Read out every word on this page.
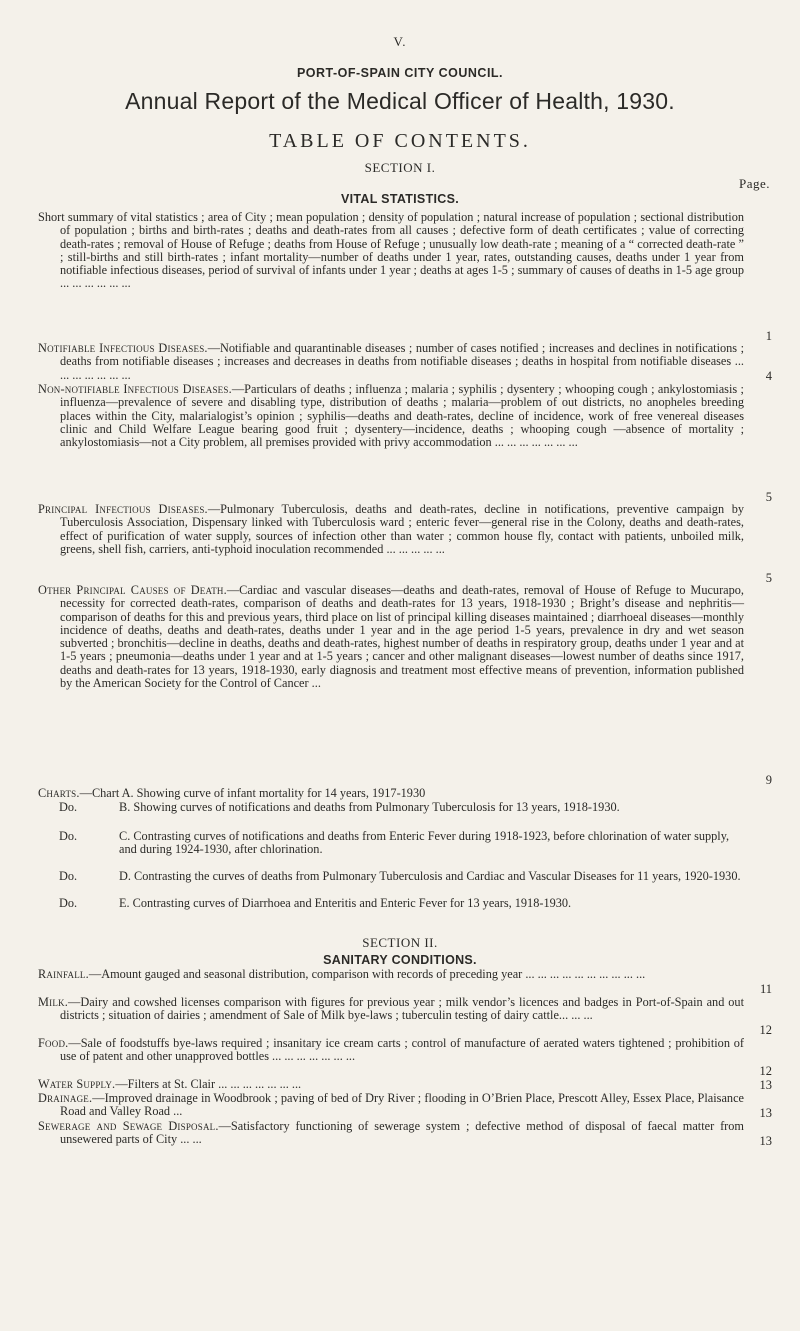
V.
PORT-OF-SPAIN CITY COUNCIL.
Annual Report of the Medical Officer of Health, 1930.
TABLE OF CONTENTS.
SECTION I.
Page.
VITAL STATISTICS.
Short summary of vital statistics ; area of City ; mean population ; density of population ; natural increase of population ; sectional distribution of population ; births and birth-rates ; deaths and death-rates from all causes ; defective form of death certificates ; value of correcting death-rates ; removal of House of Refuge ; deaths from House of Refuge ; unusually low death-rate ; meaning of a “ corrected death-rate ” ; still-births and still birth-rates ; infant mortality—number of deaths under 1 year, rates, outstanding causes, deaths under 1 year from notifiable infectious diseases, period of survival of infants under 1 year ; deaths at ages 1-5 ; summary of causes of deaths in 1-5 age group ... ... ... ... ... ...
1
Notifiable Infectious Diseases.—Notifiable and quarantinable diseases ; number of cases notified ; increases and declines in notifications ; deaths from notifiable diseases ; increases and decreases in deaths from notifiable diseases ; deaths in hospital from notifiable diseases ... ... ... ... ... ... ...	4
Non-notifiable Infectious Diseases.—Particulars of deaths ; influenza ; malaria ; syphilis ; dysentery ; whooping cough ; ankylostomiasis ; influenza—prevalence of severe and disabling type, distribution of deaths ; malaria—problem of out districts, no anopheles breeding places within the City, malarialogist’s opinion ; syphilis—deaths and death-rates, decline of incidence, work of free venereal diseases clinic and Child Welfare League bearing good fruit ; dysentery—incidence, deaths ; whooping cough —absence of mortality ; ankylostomiasis—not a City problem, all premises provided with privy accommodation ... ... ... ... ... ... ...
5
Principal Infectious Diseases.—Pulmonary Tuberculosis, deaths and death-rates, decline in notifications, preventive campaign by Tuberculosis Association, Dispensary linked with Tuberculosis ward ; enteric fever—general rise in the Colony, deaths and death-rates, effect of purification of water supply, sources of infection other than water ; common house fly, contact with patients, unboiled milk, greens, shell fish, carriers, anti-typhoid inoculation recommended ... ... ... ... ...
5
Other Principal Causes of Death.—Cardiac and vascular diseases—deaths and death-rates, removal of House of Refuge to Mucurapo, necessity for corrected death-rates, comparison of deaths and death-rates for 13 years, 1918-1930 ; Bright’s disease and nephritis—comparison of deaths for this and previous years, third place on list of principal killing diseases maintained ; diarrhoeal diseases—monthly incidence of deaths, deaths and death-rates, deaths under 1 year and in the age period 1-5 years, prevalence in dry and wet season subverted ; bronchitis—decline in deaths, deaths and death-rates, highest number of deaths in respiratory group, deaths under 1 year and at 1-5 years ; pneumonia—deaths under 1 year and at 1-5 years ; cancer and other malignant diseases—lowest number of deaths since 1917, deaths and death-rates for 13 years, 1918-1930, early diagnosis and treatment most effective means of prevention, information published by the American Society for the Control of Cancer ...
9
Charts.—Chart A. Showing curve of infant mortality for 14 years, 1917-1930
Do.	B. Showing curves of notifications and deaths from Pulmonary Tuberculosis for 13 years, 1918-1930.
Do.	C. Contrasting curves of notifications and deaths from Enteric Fever during 1918-1923, before chlorination of water supply, and during 1924-1930, after chlorination.
Do.	D. Contrasting the curves of deaths from Pulmonary Tuberculosis and Cardiac and Vascular Diseases for 11 years, 1920-1930.
Do.	E. Contrasting curves of Diarrhoea and Enteritis and Enteric Fever for 13 years, 1918-1930.
SECTION II.
SANITARY CONDITIONS.
Rainfall.—Amount gauged and seasonal distribution, comparison with records of preceding year ... ... ... ... ... ... ... ... ... ...
11
Milk.—Dairy and cowshed licenses comparison with figures for previous year ; milk vendor’s licences and badges in Port-of-Spain and out districts ; situation of dairies ; amendment of Sale of Milk bye-laws ; tuberculin testing of dairy cattle... ... ...
12
Food.—Sale of foodstuffs bye-laws required ; insanitary ice cream carts ; control of manufacture of aerated waters tightened ; prohibition of use of patent and other unapproved bottles ... ... ... ... ... ... ...
12
Water Supply.—Filters at St. Clair ... ... ... ... ... ... ...	13
Drainage.—Improved drainage in Woodbrook ; paving of bed of Dry River ; flooding in O’Brien Place, Prescott Alley, Essex Place, Plaisance Road and Valley Road ...	13
Sewerage and Sewage Disposal.—Satisfactory functioning of sewerage system ; defective method of disposal of faecal matter from unsewered parts of City ... ...	13
